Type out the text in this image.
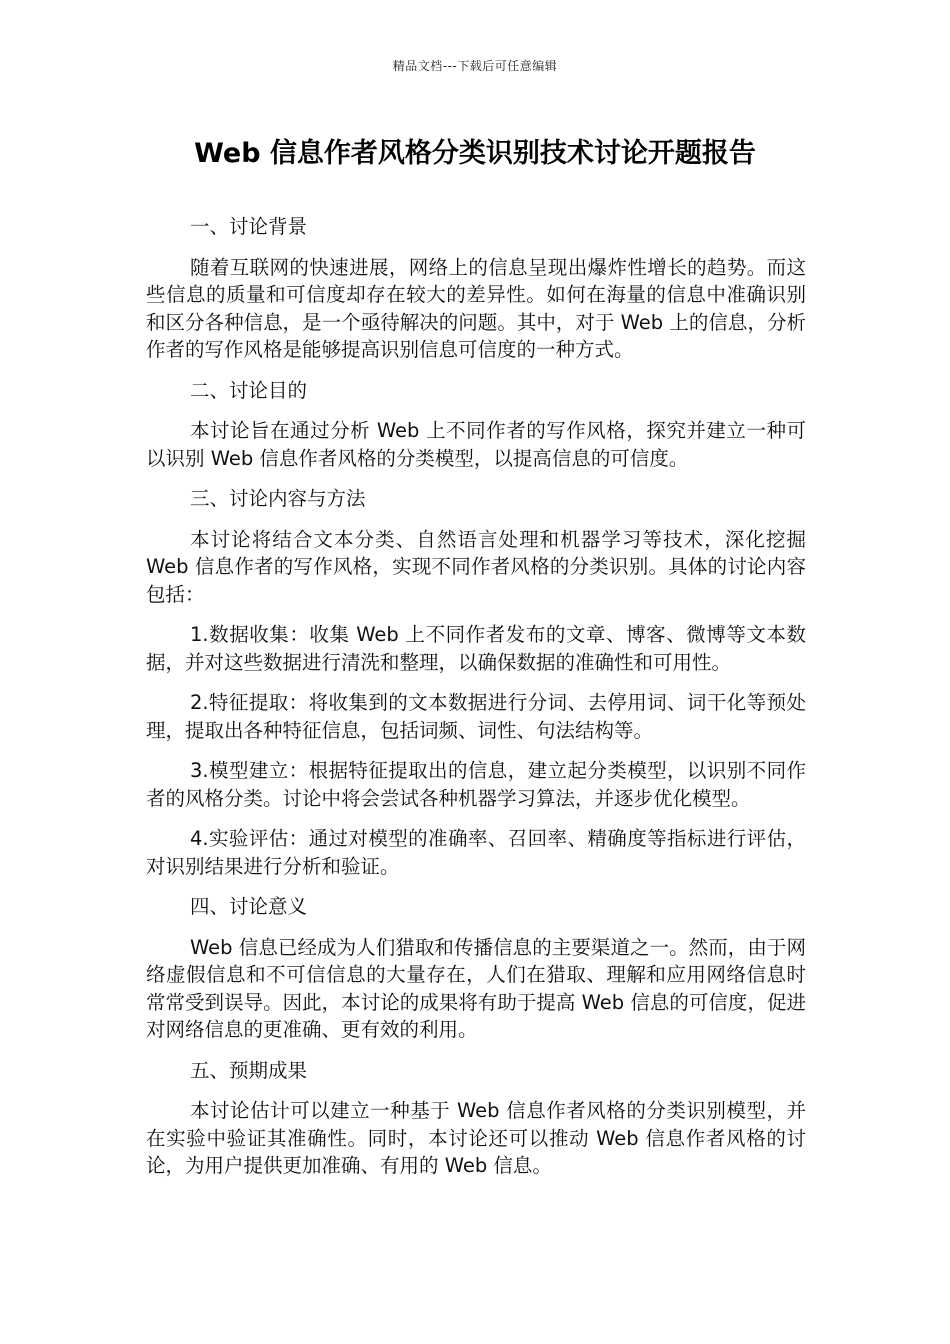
精品文档---下载后可任意编辑
Web 信息作者风格分类识别技术讨论开题报告

一、讨论背景

随着互联网的快速进展，网络上的信息呈现出爆炸性增长的趋势。而这些信息的质量和可信度却存在较大的差异性。如何在海量的信息中准确识别和区分各种信息，是一个亟待解决的问题。其中，对于 Web 上的信息，分析作者的写作风格是能够提高识别信息可信度的一种方式。

二、讨论目的

本讨论旨在通过分析 Web 上不同作者的写作风格，探究并建立一种可以识别 Web 信息作者风格的分类模型，以提高信息的可信度。

三、讨论内容与方法

本讨论将结合文本分类、自然语言处理和机器学习等技术，深化挖掘 Web 信息作者的写作风格，实现不同作者风格的分类识别。具体的讨论内容包括：

1.数据收集：收集 Web 上不同作者发布的文章、博客、微博等文本数据，并对这些数据进行清洗和整理，以确保数据的准确性和可用性。

2.特征提取：将收集到的文本数据进行分词、去停用词、词干化等预处理，提取出各种特征信息，包括词频、词性、句法结构等。

3.模型建立：根据特征提取出的信息，建立起分类模型，以识别不同作者的风格分类。讨论中将会尝试各种机器学习算法，并逐步优化模型。

4.实验评估：通过对模型的准确率、召回率、精确度等指标进行评估，对识别结果进行分析和验证。

四、讨论意义

Web 信息已经成为人们猎取和传播信息的主要渠道之一。然而，由于网络虚假信息和不可信信息的大量存在，人们在猎取、理解和应用网络信息时常常受到误导。因此，本讨论的成果将有助于提高 Web 信息的可信度，促进对网络信息的更准确、更有效的利用。

五、预期成果

本讨论估计可以建立一种基于 Web 信息作者风格的分类识别模型，并在实验中验证其准确性。同时，本讨论还可以推动 Web 信息作者风格的讨论，为用户提供更加准确、有用的 Web 信息。
